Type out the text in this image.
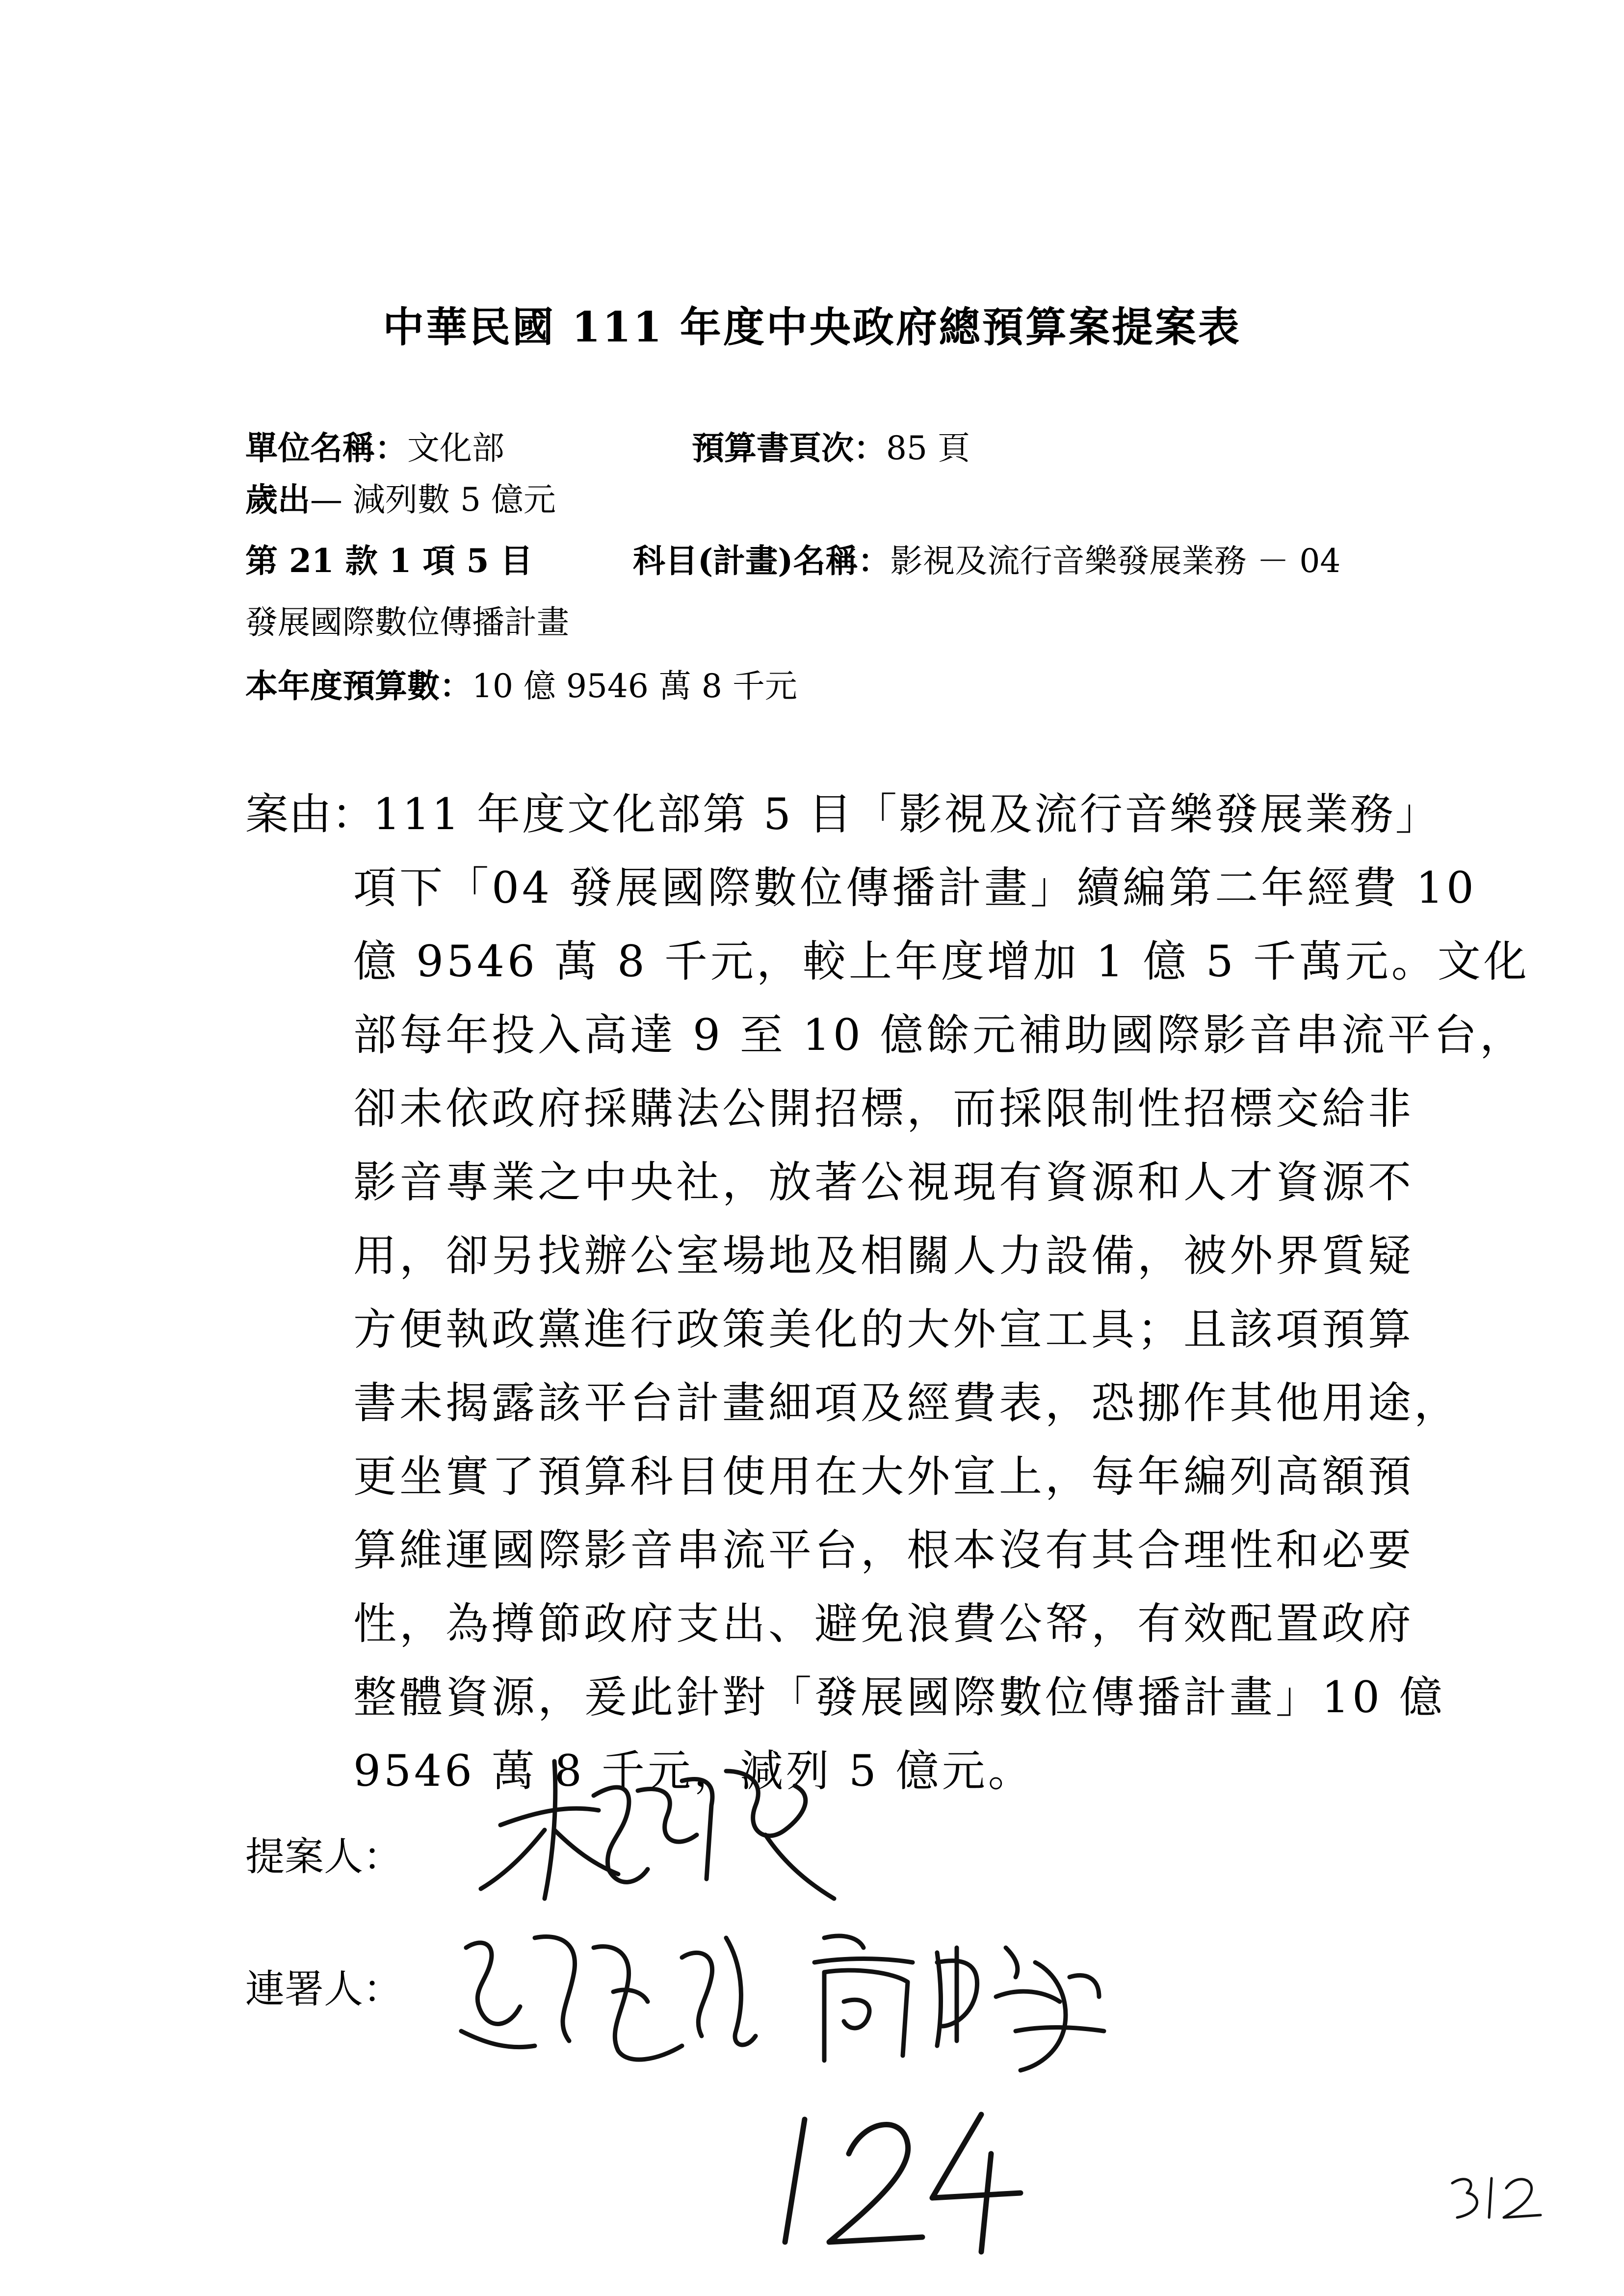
中華民國 111 年度中央政府總預算案提案表
單位名稱：文化部	預算書頁次：85 頁
歲出— 減列數 5 億元
第 21 款 1 項 5 目	科目(計畫)名稱：影視及流行音樂發展業務 － 04
發展國際數位傳播計畫
本年度預算數：10 億 9546 萬 8 千元
案由：
111 年度文化部第 5 目「影視及流行音樂發展業務」
項下「04 發展國際數位傳播計畫」續編第二年經費 10
億 9546 萬 8 千元，較上年度增加 1 億 5 千萬元。文化
部每年投入高達 9 至 10 億餘元補助國際影音串流平台，
卻未依政府採購法公開招標，而採限制性招標交給非
影音專業之中央社，放著公視現有資源和人才資源不
用，卻另找辦公室場地及相關人力設備，被外界質疑
方便執政黨進行政策美化的大外宣工具；且該項預算
書未揭露該平台計畫細項及經費表，恐挪作其他用途，
更坐實了預算科目使用在大外宣上，每年編列高額預
算維運國際影音串流平台，根本沒有其合理性和必要
性，為撙節政府支出、避免浪費公帑，有效配置政府
整體資源，爰此針對「發展國際數位傳播計畫」10 億
9546 萬 8 千元，減列 5 億元。
提案人：
連署人：
